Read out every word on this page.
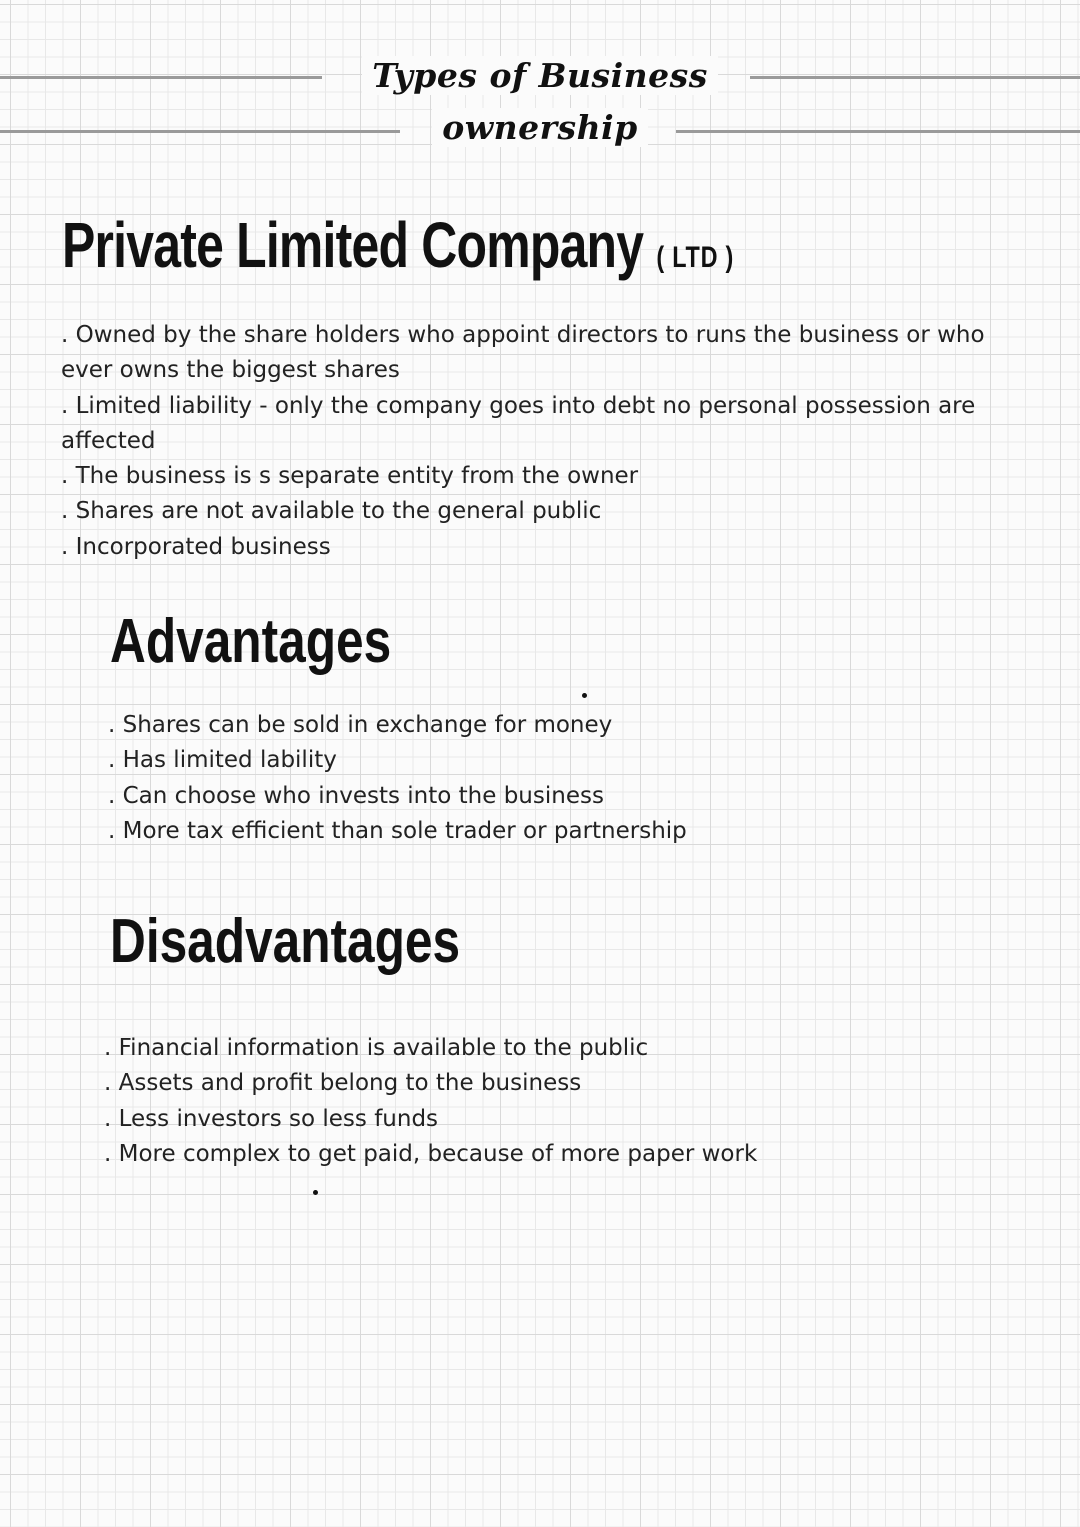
Types of Business
ownership
Private Limited Company ( LTD )
. Owned by the share holders who appoint directors to runs the business or who ever owns the biggest shares
. Limited liability - only the company goes into debt no personal possession are affected
. The business is s separate entity from the owner
. Shares are not available to the general public
. Incorporated business
Advantages
. Shares can be sold in exchange for money
. Has limited lability
. Can choose who invests into the business
. More tax efficient than sole trader or partnership
Disadvantages
. Financial information is available to the public
. Assets and profit belong to the business
. Less investors so less funds
. More complex to get paid, because of more paper work
